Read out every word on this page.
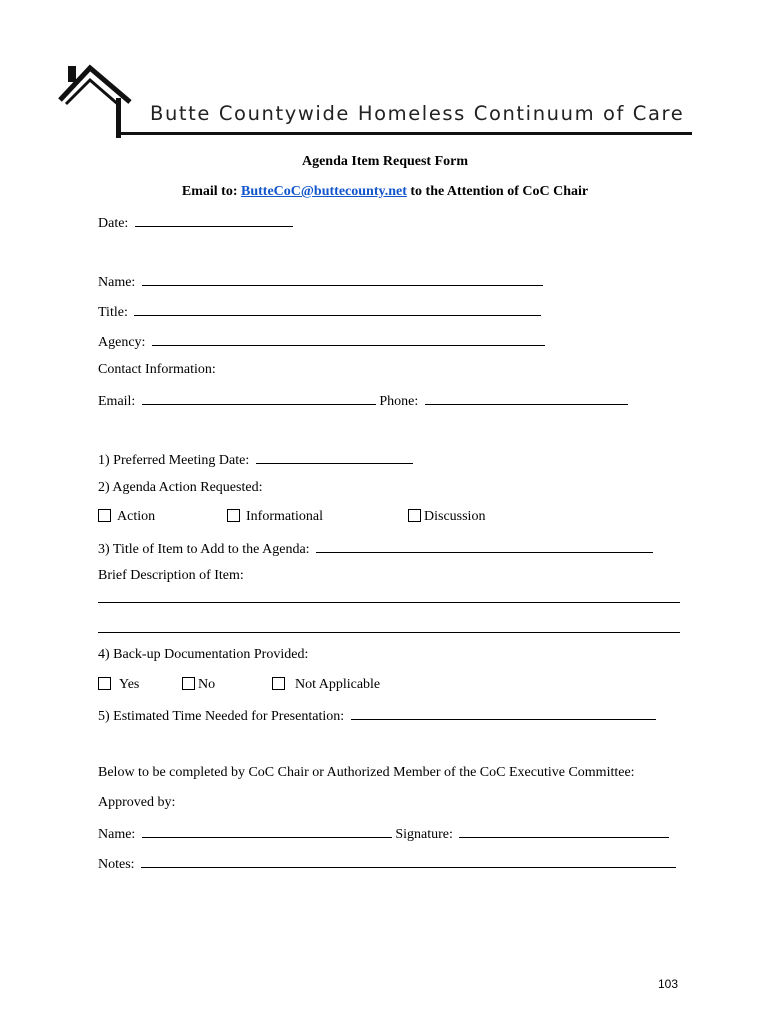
Butte Countywide Homeless Continuum of Care
Agenda Item Request Form
Email to: ButteCoC@buttecounty.net to the Attention of CoC Chair
Date:
Name:
Title:
Agency:
Contact Information:
Email:	Phone:
1) Preferred Meeting Date:
2) Agenda Action Requested:
Action	Informational	Discussion
3) Title of Item to Add to the Agenda:
Brief Description of Item:
4) Back-up Documentation Provided:
Yes	No	Not Applicable
5) Estimated Time Needed for Presentation:
Below to be completed by CoC Chair or Authorized Member of the CoC Executive Committee:
Approved by:
Name:	Signature:
Notes:
103
